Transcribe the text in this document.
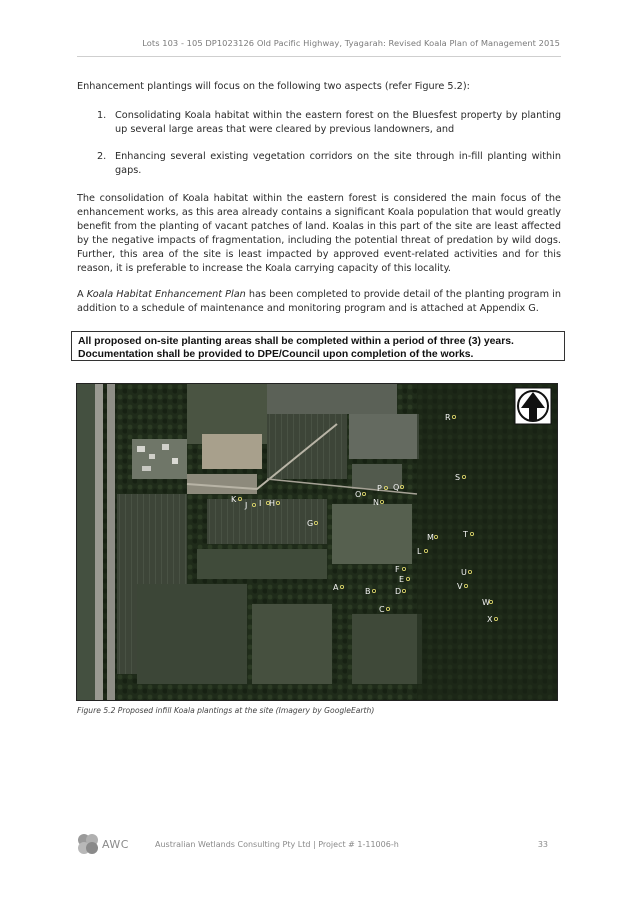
Lots 103 - 105 DP1023126 Old Pacific Highway, Tyagarah: Revised Koala Plan of Management 2015
Enhancement plantings will focus on the following two aspects (refer Figure 5.2):
1. Consolidating Koala habitat within the eastern forest on the Bluesfest property by planting up several large areas that were cleared by previous landowners, and
2. Enhancing several existing vegetation corridors on the site through in-fill planting within gaps.
The consolidation of Koala habitat within the eastern forest is considered the main focus of the enhancement works, as this area already contains a significant Koala population that would greatly benefit from the planting of vacant patches of land. Koalas in this part of the site are least affected by the negative impacts of fragmentation, including the potential threat of predation by wild dogs. Further, this area of the site is least impacted by approved event-related activities and for this reason, it is preferable to increase the Koala carrying capacity of this locality.
A Koala Habitat Enhancement Plan has been completed to provide detail of the planting program in addition to a schedule of maintenance and monitoring program and is attached at Appendix G.
All proposed on-site planting areas shall be completed within a period of three (3) years.
Documentation shall be provided to DPE/Council upon completion of the works.
A	B
C
D
E
F
G
H
I
J
K
L
M
N
O
P Q
R
S
T
U
V
W
X
Figure 5.2 Proposed infill Koala plantings at the site (Imagery by GoogleEarth)
AWC	Australian Wetlands Consulting Pty Ltd | Project # 1-11006-h	33
